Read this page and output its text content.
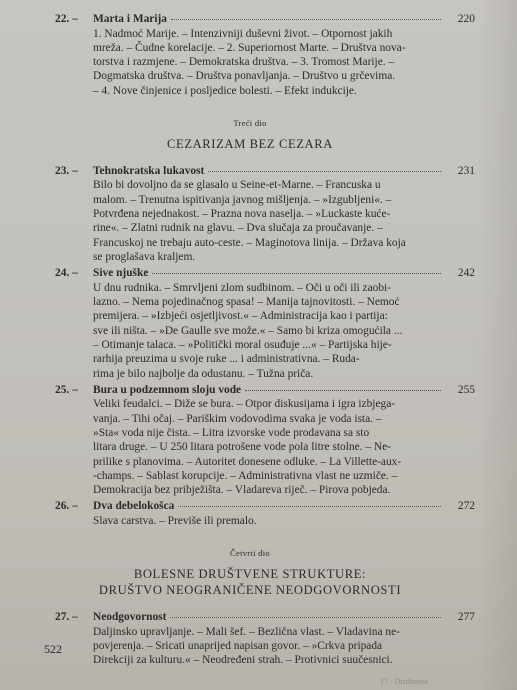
22. –	Marta i Marija	220
1. Nadmoć Marije. – Intenzivniji duševni život. – Otpornost jakih
mreža. – Čudne korelacije. – 2. Superiornost Marte. – Društva nova-
torstva i razmjene. – Demokratska društva. – 3. Tromost Marije. –
Dogmatska društva. – Društva ponavljanja. – Društvo u grčevima.
– 4. Nove činjenice i posljedice bolesti. – Efekt indukcije.
Treći dio
CEZARIZAM BEZ CEZARA
23. –	Tehnokratska lukavost	231
Bilo bi dovoljno da se glasalo u Seine-et-Marne. – Francuska u
malom. – Trenutna ispitivanja javnog mišljenja. – »Izgubljeni«. –
Potvrđena nejednakost. – Prazna nova naselja. – »Luckaste kuće-
rine«. – Zlatni rudnik na glavu. – Dva slučaja za proučavanje. –
Francuskoj ne trebaju auto-ceste. – Maginotova linija. – Država koja
se proglašava kraljem.
24. –	Sive njuške	242
U dnu rudnika. – Smrvljeni zlom sudbinom. – Oči u oči ili zaobi-
lazno. – Nema pojedinačnog spasa! – Manija tajnovitosti. – Nemoć
premijera. – »Izbjeći osjetljivost.« – Administracija kao i partija:
sve ili ništa. – »De Gaulle sve može.« – Samo bi kriza omogućila ...
– Otimanje talaca. – »Politički moral osuđuje ...« – Partijska hije-
rarhija preuzima u svoje ruke ... i administrativna. – Ruda-
rima je bilo najbolje da odustanu. – Tužna priča.
25. –	Bura u podzemnom sloju vode	255
Veliki feudalci. – Diže se bura. – Otpor diskusijama i igra izbjega-
vanja. – Tihi očaj. – Pariškim vodovodima svaka je voda ista. –
»Sta« voda nije čista. – Litra izvorske vode prodavana sa sto
litara druge. – U 250 litara potrošene vode pola litre stolne. – Ne-
prilike s planovima. – Autoritet donesene odluke. – La Villette-aux-
-champs. – Sablast korupcije. – Administrativna vlast ne uzmiče. –
Demokracija bez pribježišta. – Vladareva riječ. – Pirova pobjeda.
26. –	Dva debelokošca	272
Slava carstva. – Previše ili premalo.
Četvrti dio
BOLESNE DRUŠTVENE STRUKTURE:
DRUŠTVO NEOGRANIČENE NEODGOVORNOSTI
27. –	Neodgovornost	277
Daljinsko upravljanje. – Mali šef. – Bezlična vlast. – Vladavina ne-
povjerenja. – Sricati unaprijed napisan govor. – »Crkva pripada
Direkciji za kulturu.« – Neodređeni strah. – Protivnici suučesnici.
522
17 - Društvena
